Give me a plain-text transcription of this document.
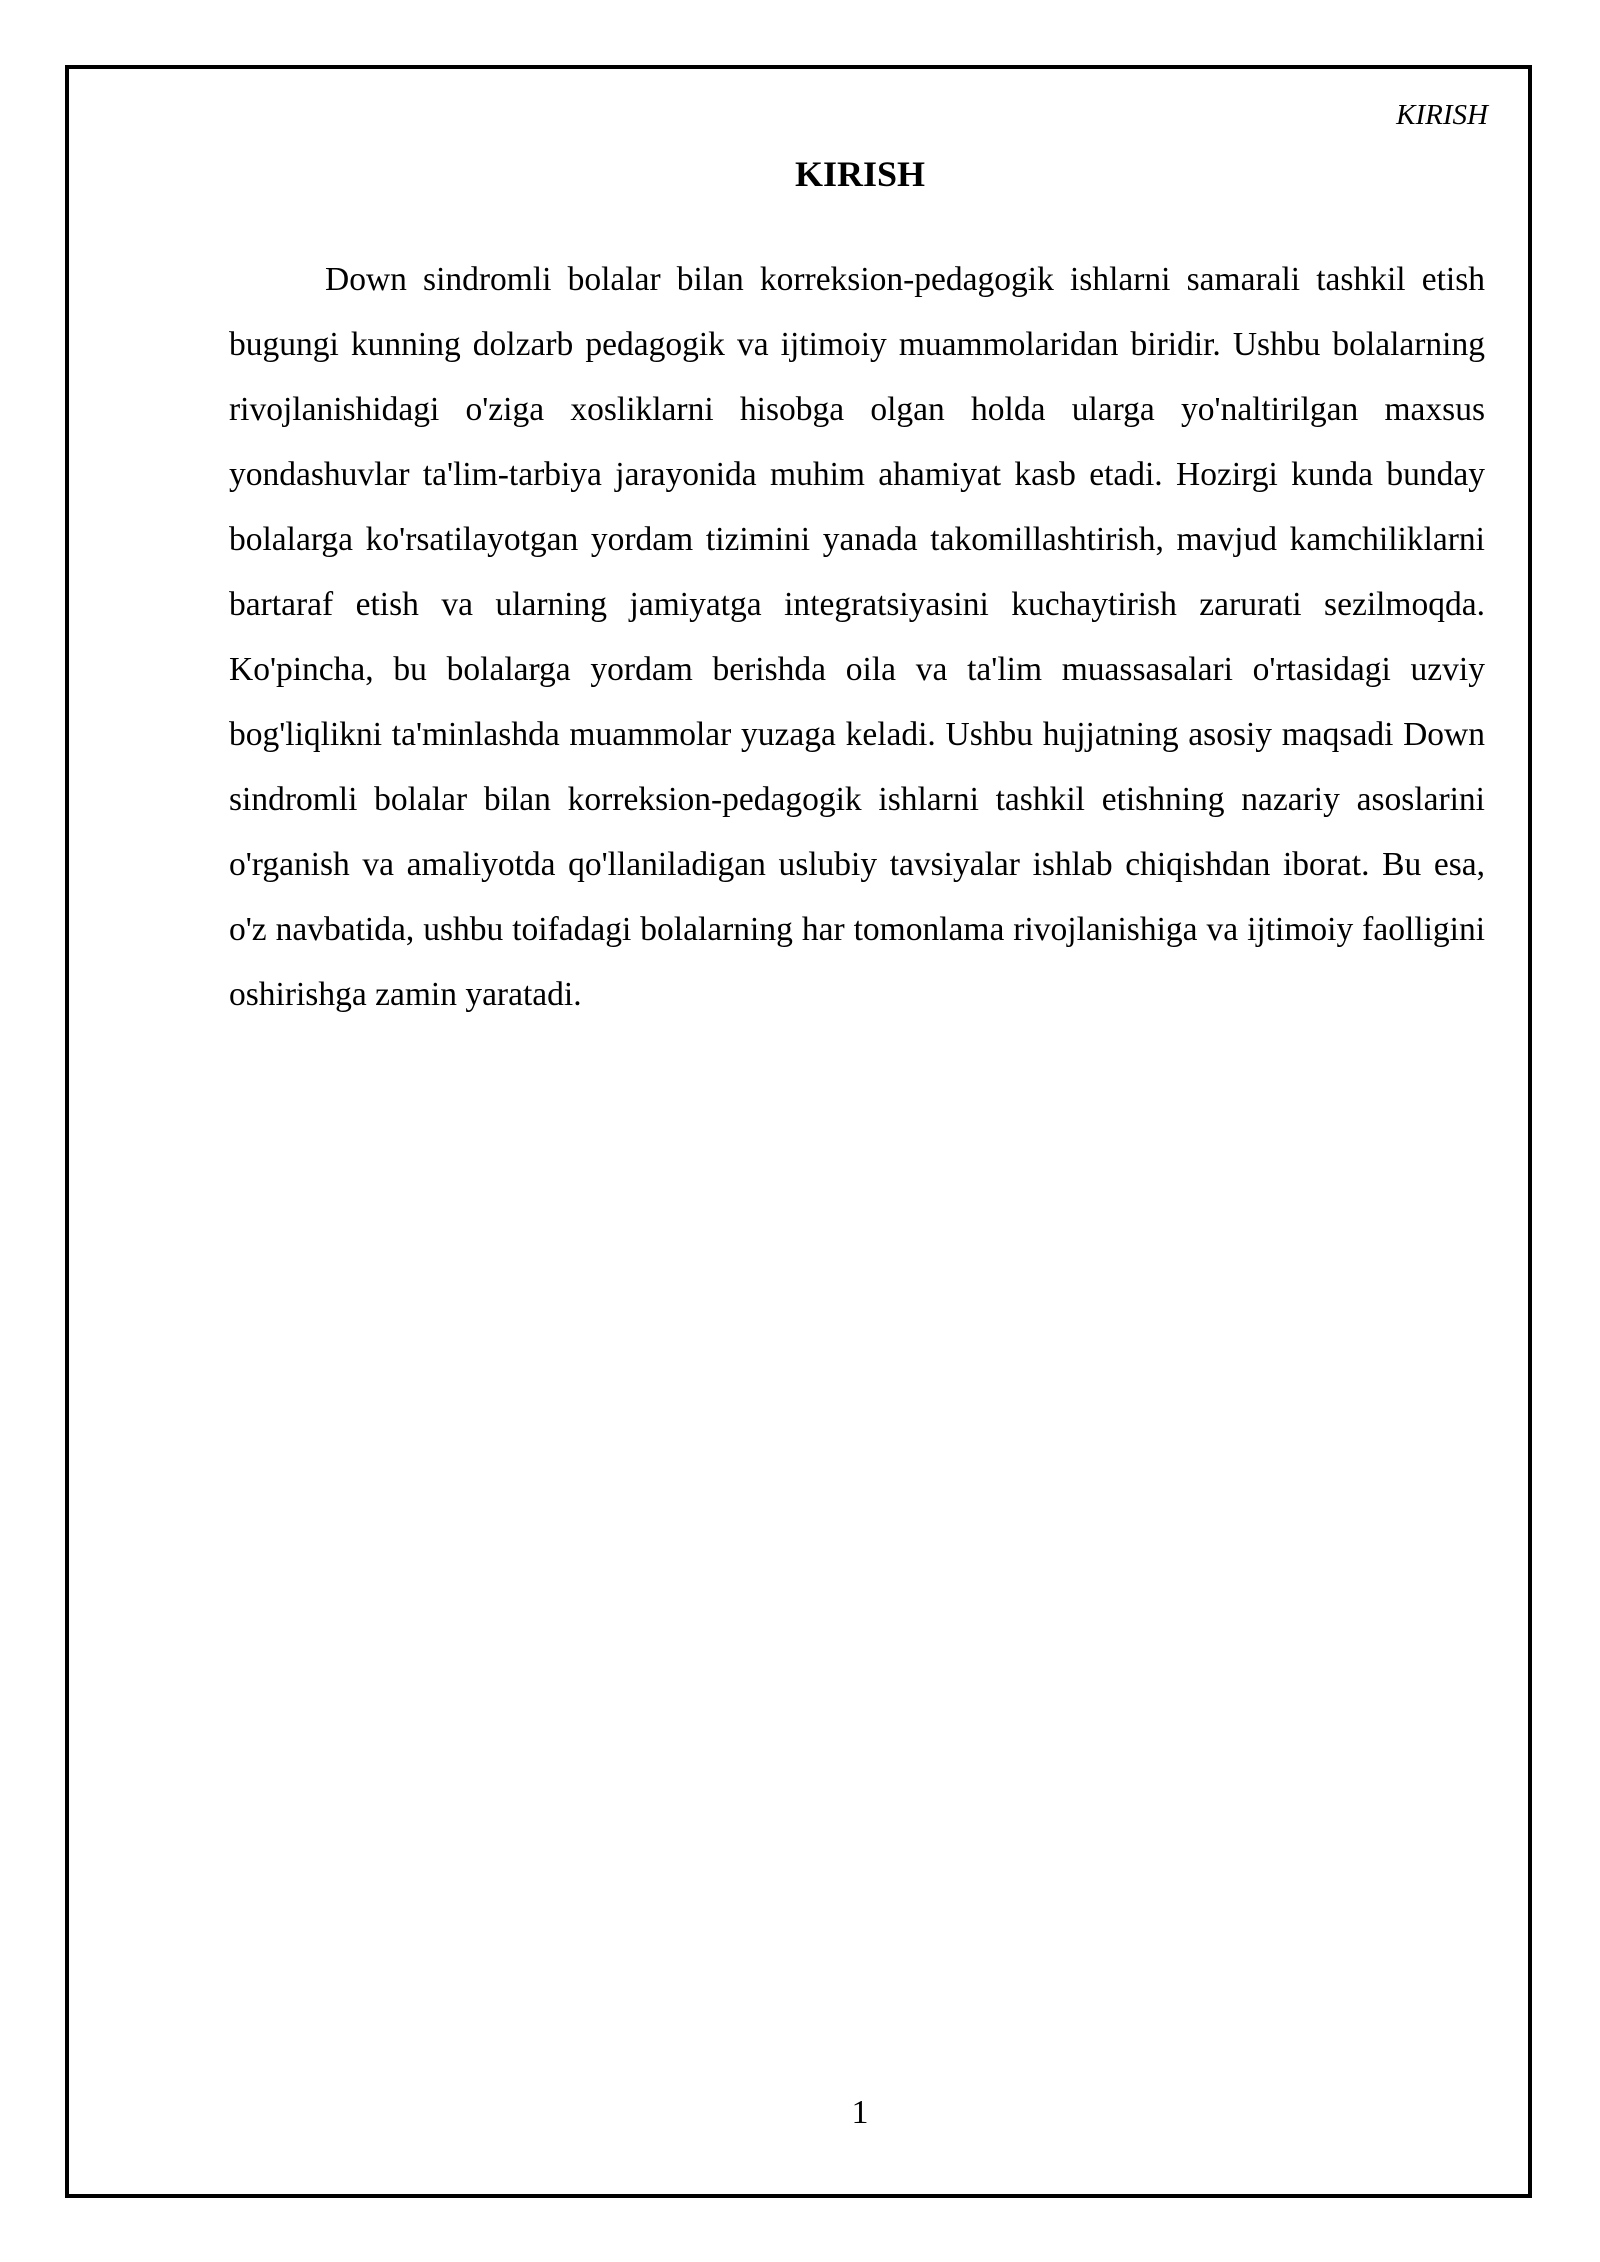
KIRISH
KIRISH

Down sindromli bolalar bilan korreksion-pedagogik ishlarni samarali tashkil etish bugungi kunning dolzarb pedagogik va ijtimoiy muammolaridan biridir. Ushbu bolalarning rivojlanishidagi o'ziga xosliklarni hisobga olgan holda ularga yo'naltirilgan maxsus yondashuvlar ta'lim-tarbiya jarayonida muhim ahamiyat kasb etadi. Hozirgi kunda bunday bolalarga ko'rsatilayotgan yordam tizimini yanada takomillashtirish, mavjud kamchiliklarni bartaraf etish va ularning jamiyatga integratsiyasini kuchaytirish zarurati sezilmoqda. Ko'pincha, bu bolalarga yordam berishda oila va ta'lim muassasalari o'rtasidagi uzviy bog'liqlikni ta'minlashda muammolar yuzaga keladi. Ushbu hujjatning asosiy maqsadi Down sindromli bolalar bilan korreksion-pedagogik ishlarni tashkil etishning nazariy asoslarini o'rganish va amaliyotda qo'llaniladigan uslubiy tavsiyalar ishlab chiqishdan iborat. Bu esa, o'z navbatida, ushbu toifadagi bolalarning har tomonlama rivojlanishiga va ijtimoiy faolligini oshirishga zamin yaratadi.

1
